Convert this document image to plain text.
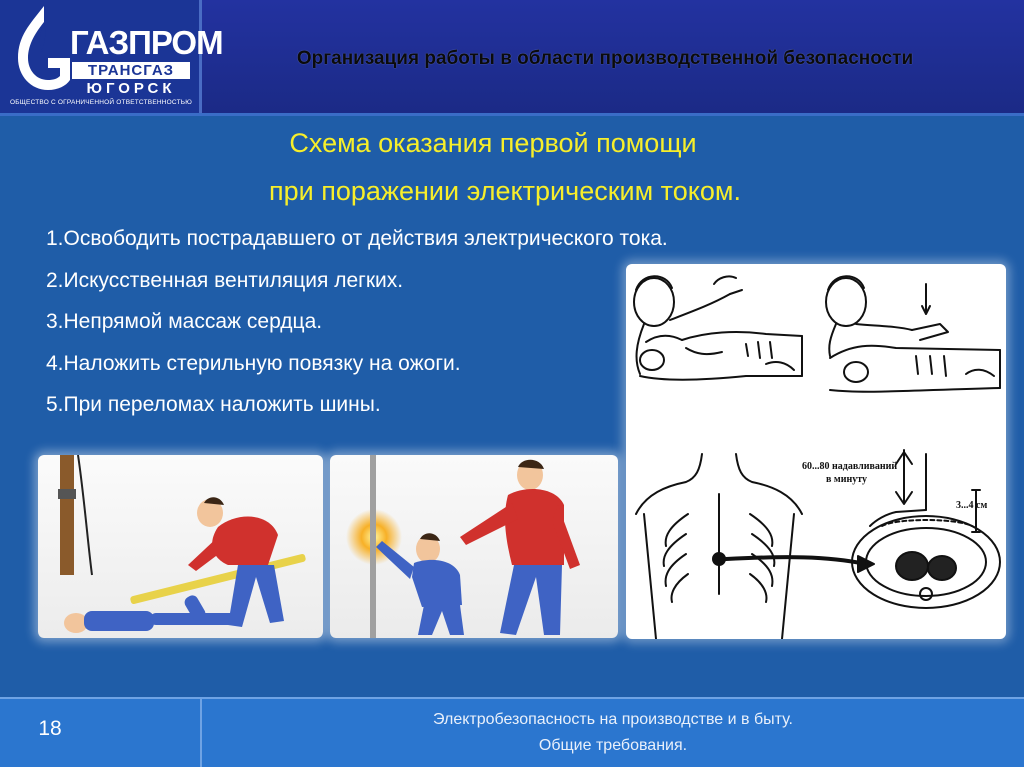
ГАЗПРОМ
ТРАНСГАЗ
ЮГОРСК
ОБЩЕСТВО С ОГРАНИЧЕННОЙ ОТВЕТСТВЕННОСТЬЮ
Организация работы в области производственной безопасности
Схема оказания первой помощи
при поражении электрическим током.
1.Освободить пострадавшего от действия электрического тока.
2.Искусственная вентиляция легких.
3.Непрямой массаж сердца.
4.Наложить стерильную повязку на ожоги.
5.При переломах наложить шины.
60...80 надавливаний
в минуту
3...4 см
18	Электробезопасность на производстве и в быту.
Общие требования.
